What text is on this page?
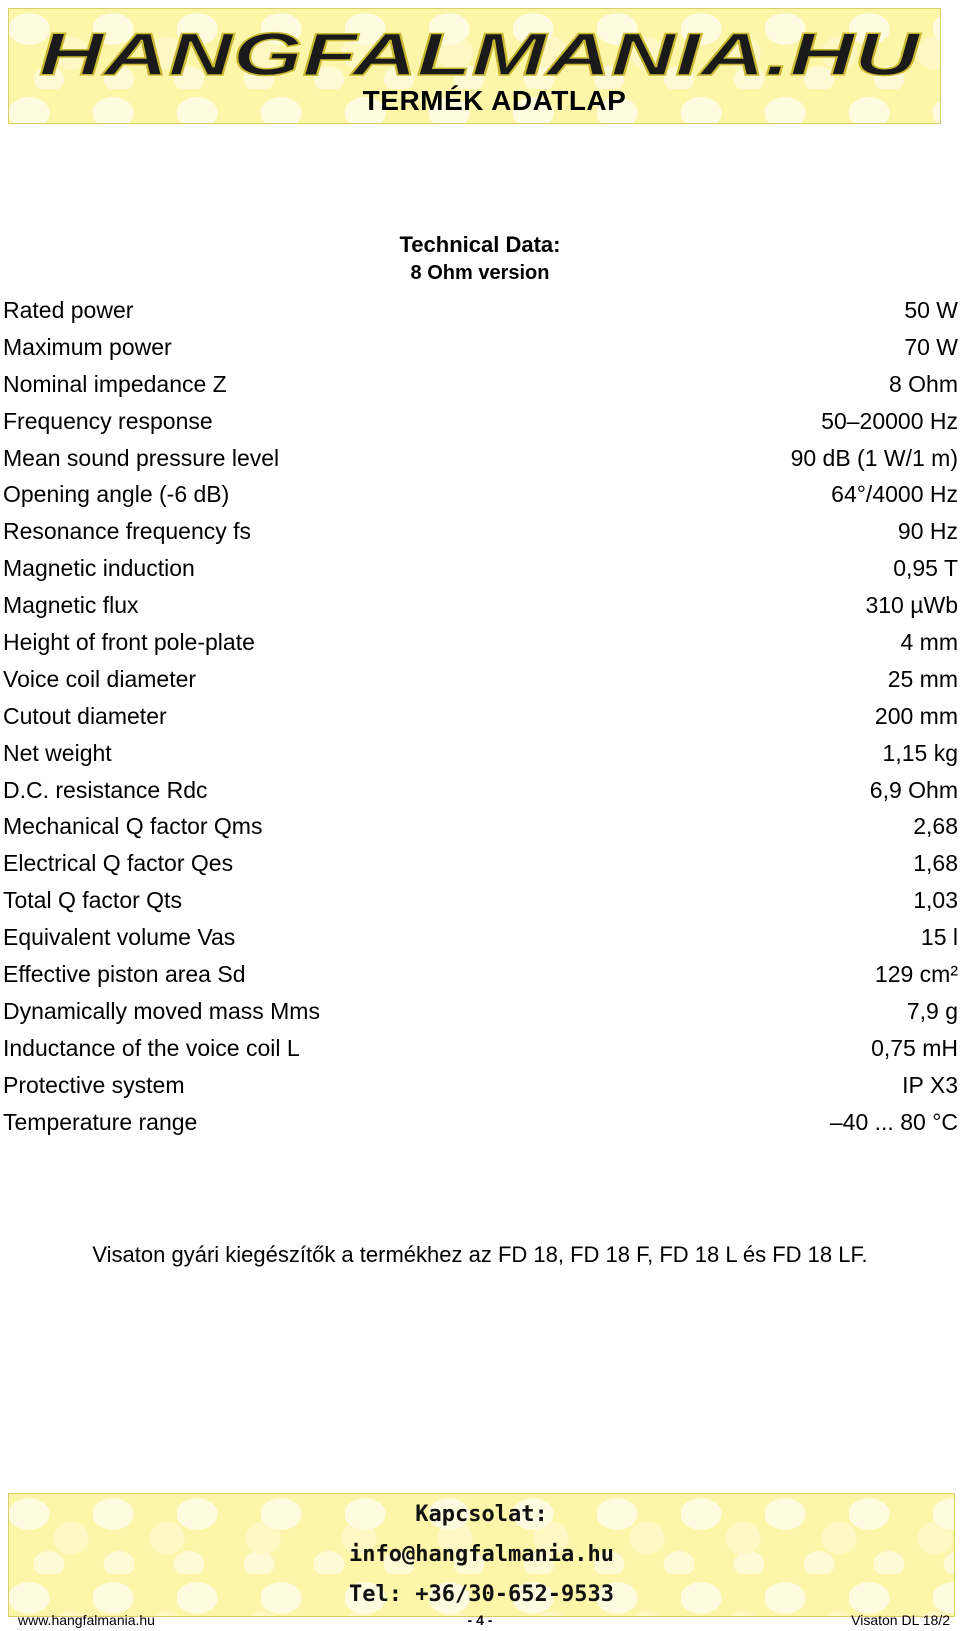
HANGFALMANIA.HU
TERMÉK ADATLAP
Technical Data:
8 Ohm version
Rated power	50 W
Maximum power	70 W
Nominal impedance Z	8 Ohm
Frequency response	50–20000 Hz
Mean sound pressure level	90 dB (1 W/1 m)
Opening angle (-6 dB)	64°/4000 Hz
Resonance frequency fs	90 Hz
Magnetic induction	0,95 T
Magnetic flux	310 µWb
Height of front pole-plate	4 mm
Voice coil diameter	25 mm
Cutout diameter	200 mm
Net weight	1,15 kg
D.C. resistance Rdc	6,9 Ohm
Mechanical Q factor Qms	2,68
Electrical Q factor Qes	1,68
Total Q factor Qts	1,03
Equivalent volume Vas	15 l
Effective piston area Sd	129 cm²
Dynamically moved mass Mms	7,9 g
Inductance of the voice coil L	0,75 mH
Protective system	IP X3
Temperature range	–40 ... 80 °C
Visaton gyári kiegészítők a termékhez az FD 18, FD 18 F, FD 18 L és FD 18 LF.
Kapcsolat:
info@hangfalmania.hu
Tel: +36/30-652-9533
www.hangfalmania.hu	- 4 -	Visaton DL 18/2
